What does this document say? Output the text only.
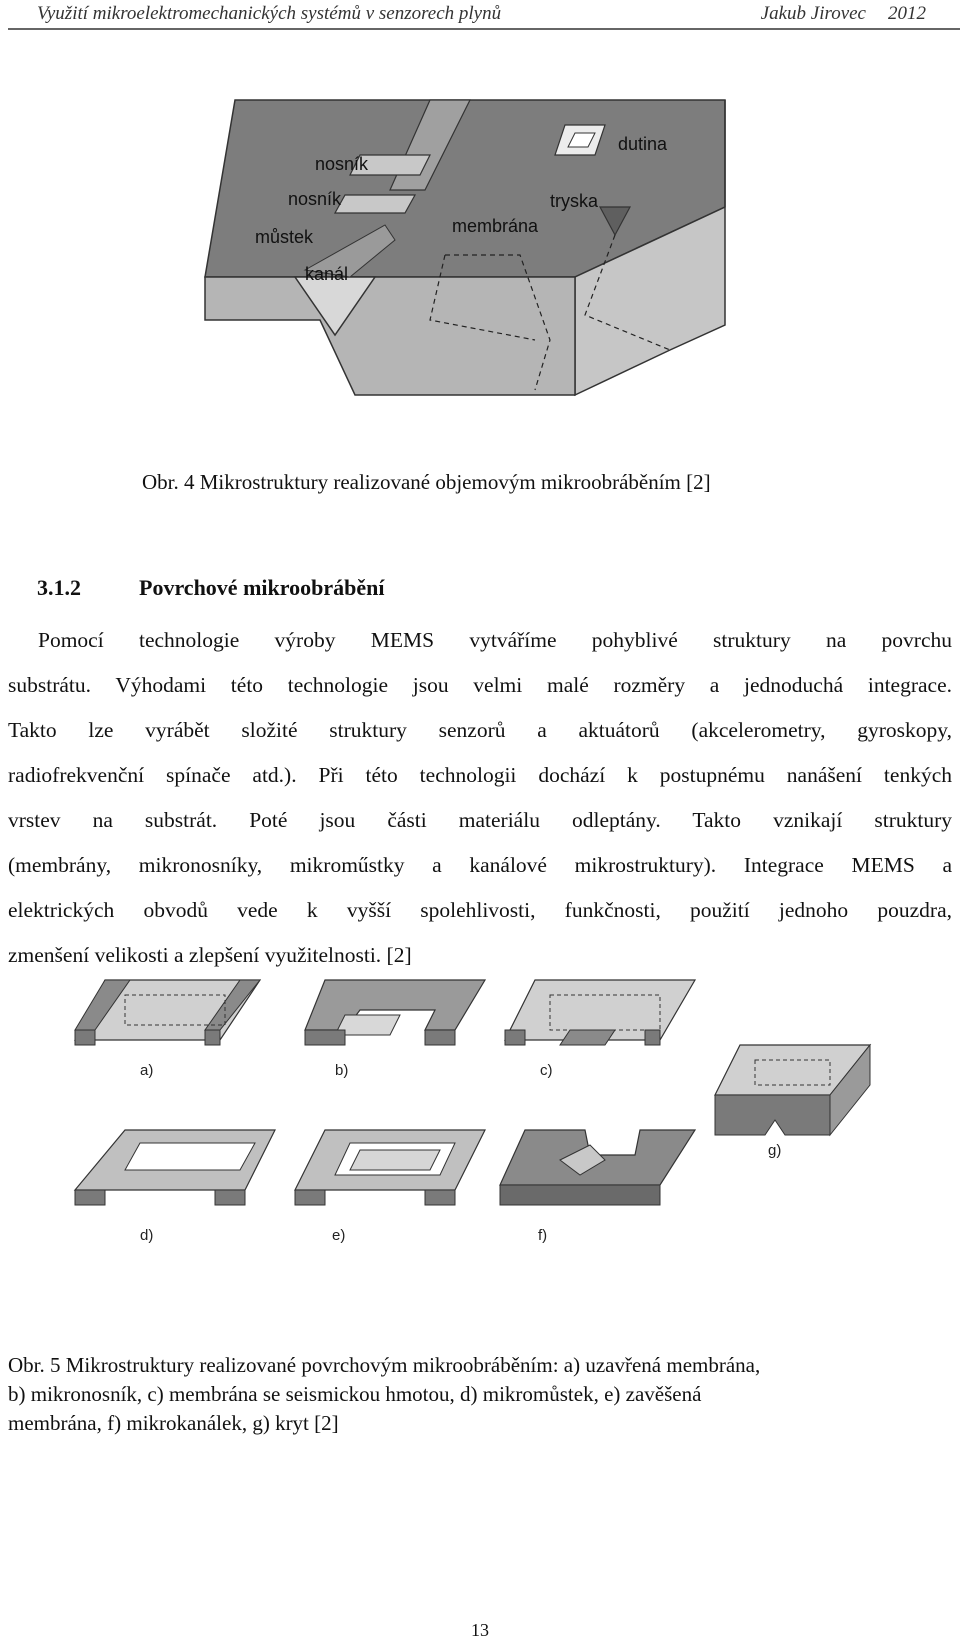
Využití mikroelektromechanických systémů v senzorech plynů	Jakub Jirovec 2012
nosník
nosník
můstek
kanál
membrána
tryska
dutina
Obr. 4 Mikrostruktury realizované objemovým mikroobráběním [2]
3.1.2	Povrchové mikroobrábění
Pomocí technologie výroby MEMS vytváříme pohyblivé struktury na povrchu
substrátu. Výhodami této technologie jsou velmi malé rozměry a jednoduchá integrace.
Takto lze vyrábět složité struktury senzorů a aktuátorů (akcelerometry, gyroskopy,
radiofrekvenční spínače atd.). Při této technologii dochází k postupnému nanášení tenkých
vrstev na substrát. Poté jsou části materiálu odleptány. Takto vznikají struktury
(membrány, mikronosníky, mikroműstky a kanálové mikrostruktury). Integrace MEMS a
elektrických obvodů vede k vyšší spolehlivosti, funkčnosti, použití jednoho pouzdra,
zmenšení velikosti a zlepšení využitelnosti. [2]
a)	b)	c)
d)	e)	f)
g)
Obr. 5 Mikrostruktury realizované povrchovým mikroobráběním: a) uzavřená membrána,
b) mikronosník, c) membrána se seismickou hmotou, d) mikromůstek, e) zavěšená
membrána, f) mikrokanálek, g) kryt [2]
13
